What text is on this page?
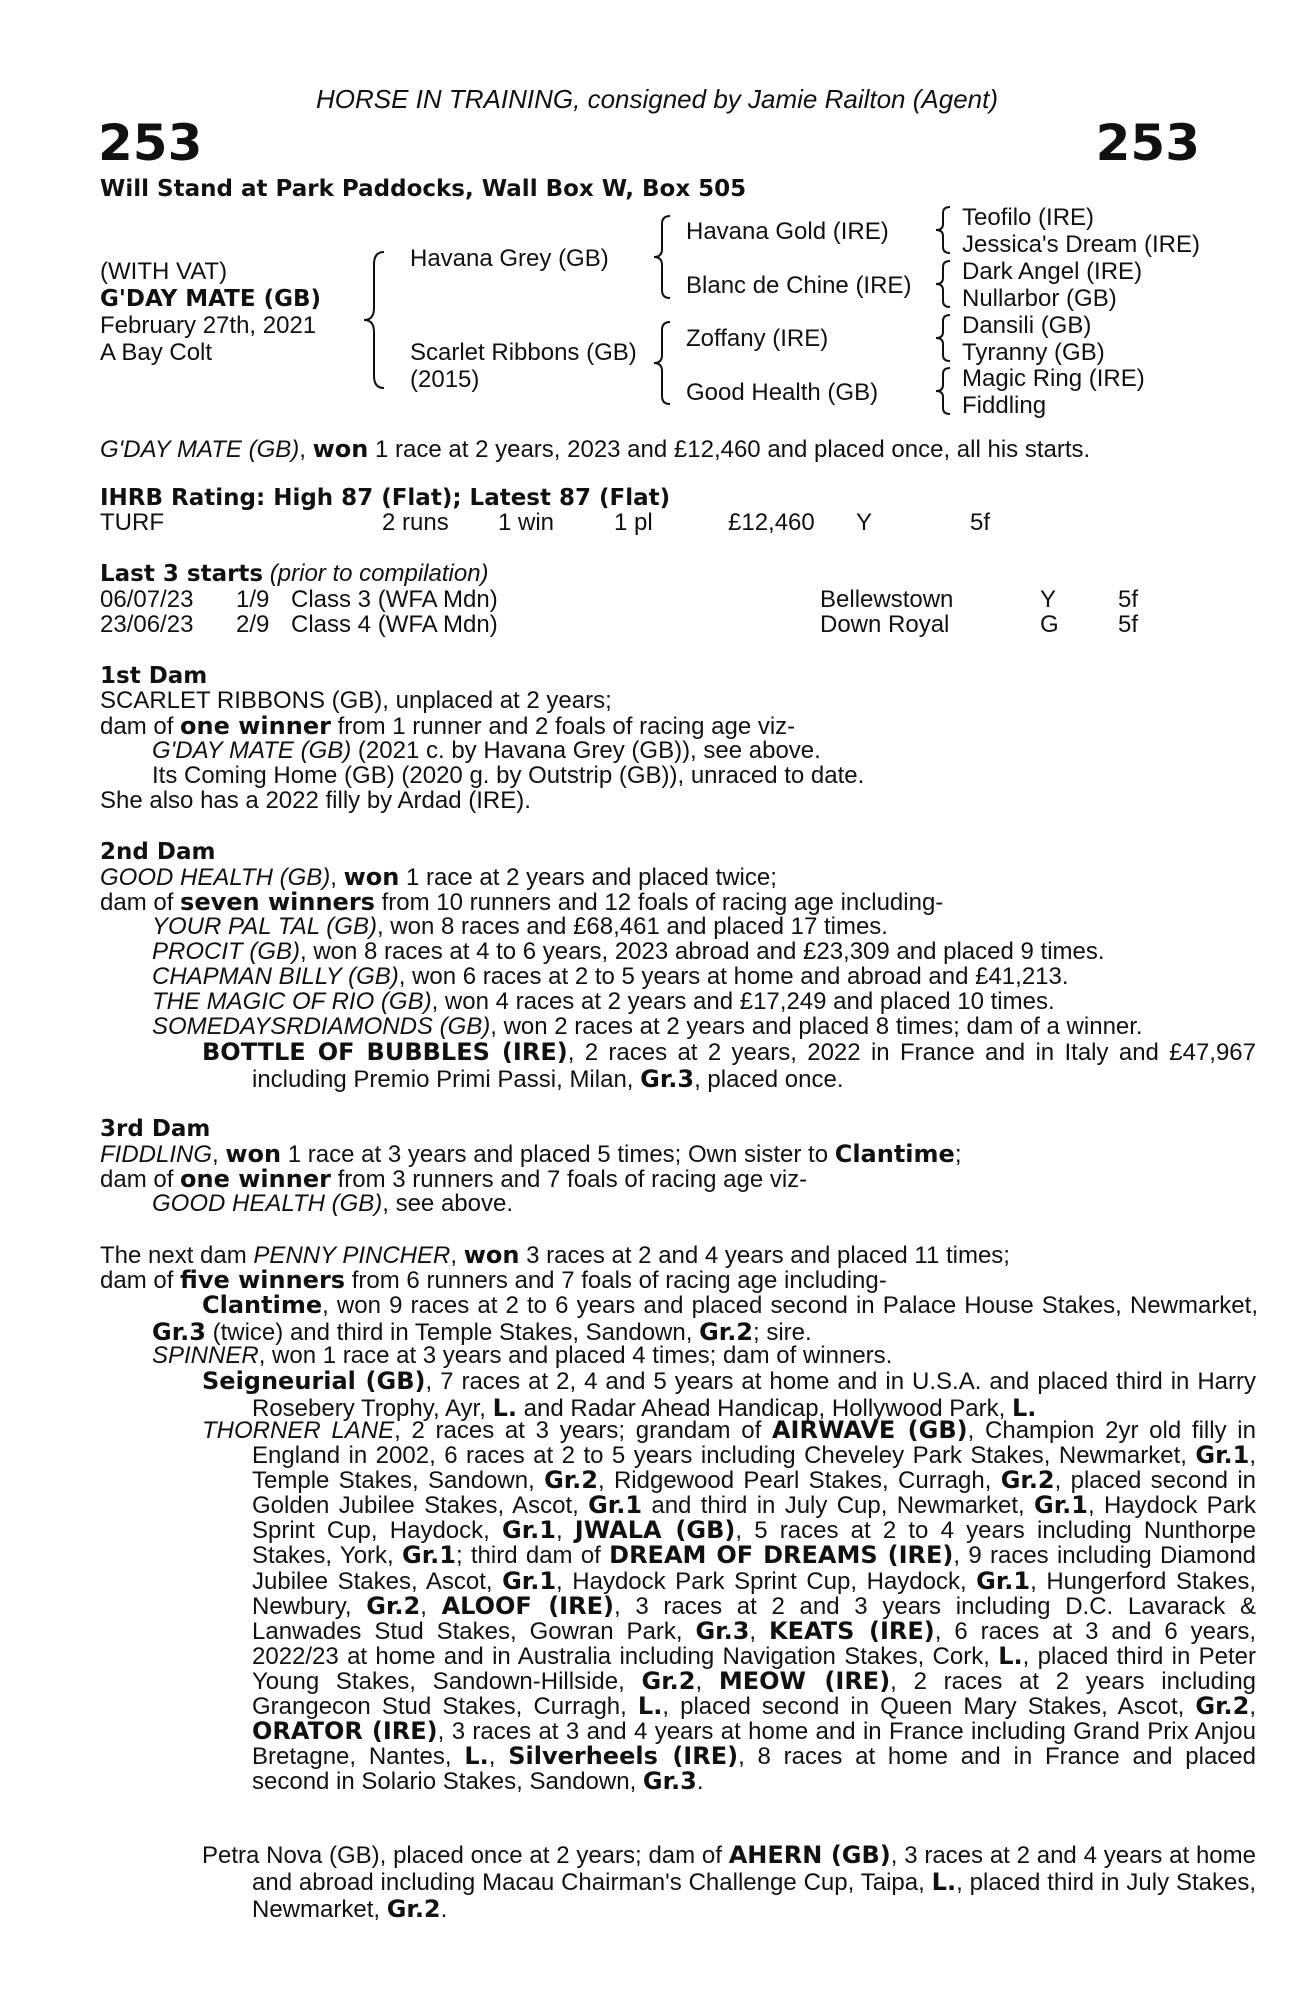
HORSE IN TRAINING, consigned by Jamie Railton (Agent)
253	253
Will Stand at Park Paddocks, Wall Box W, Box 505
(WITH VAT)
G'DAY MATE (GB)
February 27th, 2021
A Bay Colt
Havana Grey (GB)
Scarlet Ribbons (GB)
(2015)
Havana Gold (IRE)
Blanc de Chine (IRE)
Zoffany (IRE)
Good Health (GB)
Teofilo (IRE)
Jessica's Dream (IRE)
Dark Angel (IRE)
Nullarbor (GB)
Dansili (GB)
Tyranny (GB)
Magic Ring (IRE)
Fiddling
G'DAY MATE (GB), won 1 race at 2 years, 2023 and £12,460 and placed once, all his starts.
IHRB Rating: High 87 (Flat); Latest 87 (Flat)
TURF	2 runs 1 win 1 pl	£12,460 Y	5f
Last 3 starts (prior to compilation)
06/07/23 1/9 Class 3 (WFA Mdn)	Bellewstown	Y	5f
23/06/23 2/9 Class 4 (WFA Mdn)	Down Royal	G 5f
1st Dam
SCARLET RIBBONS (GB), unplaced at 2 years;
dam of one winner from 1 runner and 2 foals of racing age viz-
G'DAY MATE (GB) (2021 c. by Havana Grey (GB)), see above.
Its Coming Home (GB) (2020 g. by Outstrip (GB)), unraced to date.
She also has a 2022 filly by Ardad (IRE).
2nd Dam
GOOD HEALTH (GB), won 1 race at 2 years and placed twice;
dam of seven winners from 10 runners and 12 foals of racing age including-
YOUR PAL TAL (GB), won 8 races and £68,461 and placed 17 times.
PROCIT (GB), won 8 races at 4 to 6 years, 2023 abroad and £23,309 and placed 9 times.
CHAPMAN BILLY (GB), won 6 races at 2 to 5 years at home and abroad and £41,213.
THE MAGIC OF RIO (GB), won 4 races at 2 years and £17,249 and placed 10 times.
SOMEDAYSRDIAMONDS (GB), won 2 races at 2 years and placed 8 times; dam of a winner.
BOTTLE OF BUBBLES (IRE), 2 races at 2 years, 2022 in France and in Italy and £47,967 including Premio Primi Passi, Milan, Gr.3, placed once.
3rd Dam
FIDDLING, won 1 race at 3 years and placed 5 times; Own sister to Clantime;
dam of one winner from 3 runners and 7 foals of racing age viz-
GOOD HEALTH (GB), see above.
The next dam PENNY PINCHER, won 3 races at 2 and 4 years and placed 11 times;
dam of five winners from 6 runners and 7 foals of racing age including-
Clantime, won 9 races at 2 to 6 years and placed second in Palace House Stakes, Newmarket, Gr.3 (twice) and third in Temple Stakes, Sandown, Gr.2; sire.
SPINNER, won 1 race at 3 years and placed 4 times; dam of winners.
Seigneurial (GB), 7 races at 2, 4 and 5 years at home and in U.S.A. and placed third in Harry Rosebery Trophy, Ayr, L. and Radar Ahead Handicap, Hollywood Park, L.
THORNER LANE, 2 races at 3 years; grandam of AIRWAVE (GB), Champion 2yr old filly in England in 2002, 6 races at 2 to 5 years including Cheveley Park Stakes, Newmarket, Gr.1, Temple Stakes, Sandown, Gr.2, Ridgewood Pearl Stakes, Curragh, Gr.2, placed second in Golden Jubilee Stakes, Ascot, Gr.1 and third in July Cup, Newmarket, Gr.1, Haydock Park Sprint Cup, Haydock, Gr.1, JWALA (GB), 5 races at 2 to 4 years including Nunthorpe Stakes, York, Gr.1; third dam of DREAM OF DREAMS (IRE), 9 races including Diamond Jubilee Stakes, Ascot, Gr.1, Haydock Park Sprint Cup, Haydock, Gr.1, Hungerford Stakes, Newbury, Gr.2, ALOOF (IRE), 3 races at 2 and 3 years including D.C. Lavarack & Lanwades Stud Stakes, Gowran Park, Gr.3, KEATS (IRE), 6 races at 3 and 6 years, 2022/23 at home and in Australia including Navigation Stakes, Cork, L., placed third in Peter Young Stakes, Sandown-Hillside, Gr.2, MEOW (IRE), 2 races at 2 years including Grangecon Stud Stakes, Curragh, L., placed second in Queen Mary Stakes, Ascot, Gr.2, ORATOR (IRE), 3 races at 3 and 4 years at home and in France including Grand Prix Anjou Bretagne, Nantes, L., Silverheels (IRE), 8 races at home and in France and placed second in Solario Stakes, Sandown, Gr.3.
Petra Nova (GB), placed once at 2 years; dam of AHERN (GB), 3 races at 2 and 4 years at home and abroad including Macau Chairman's Challenge Cup, Taipa, L., placed third in July Stakes, Newmarket, Gr.2.
